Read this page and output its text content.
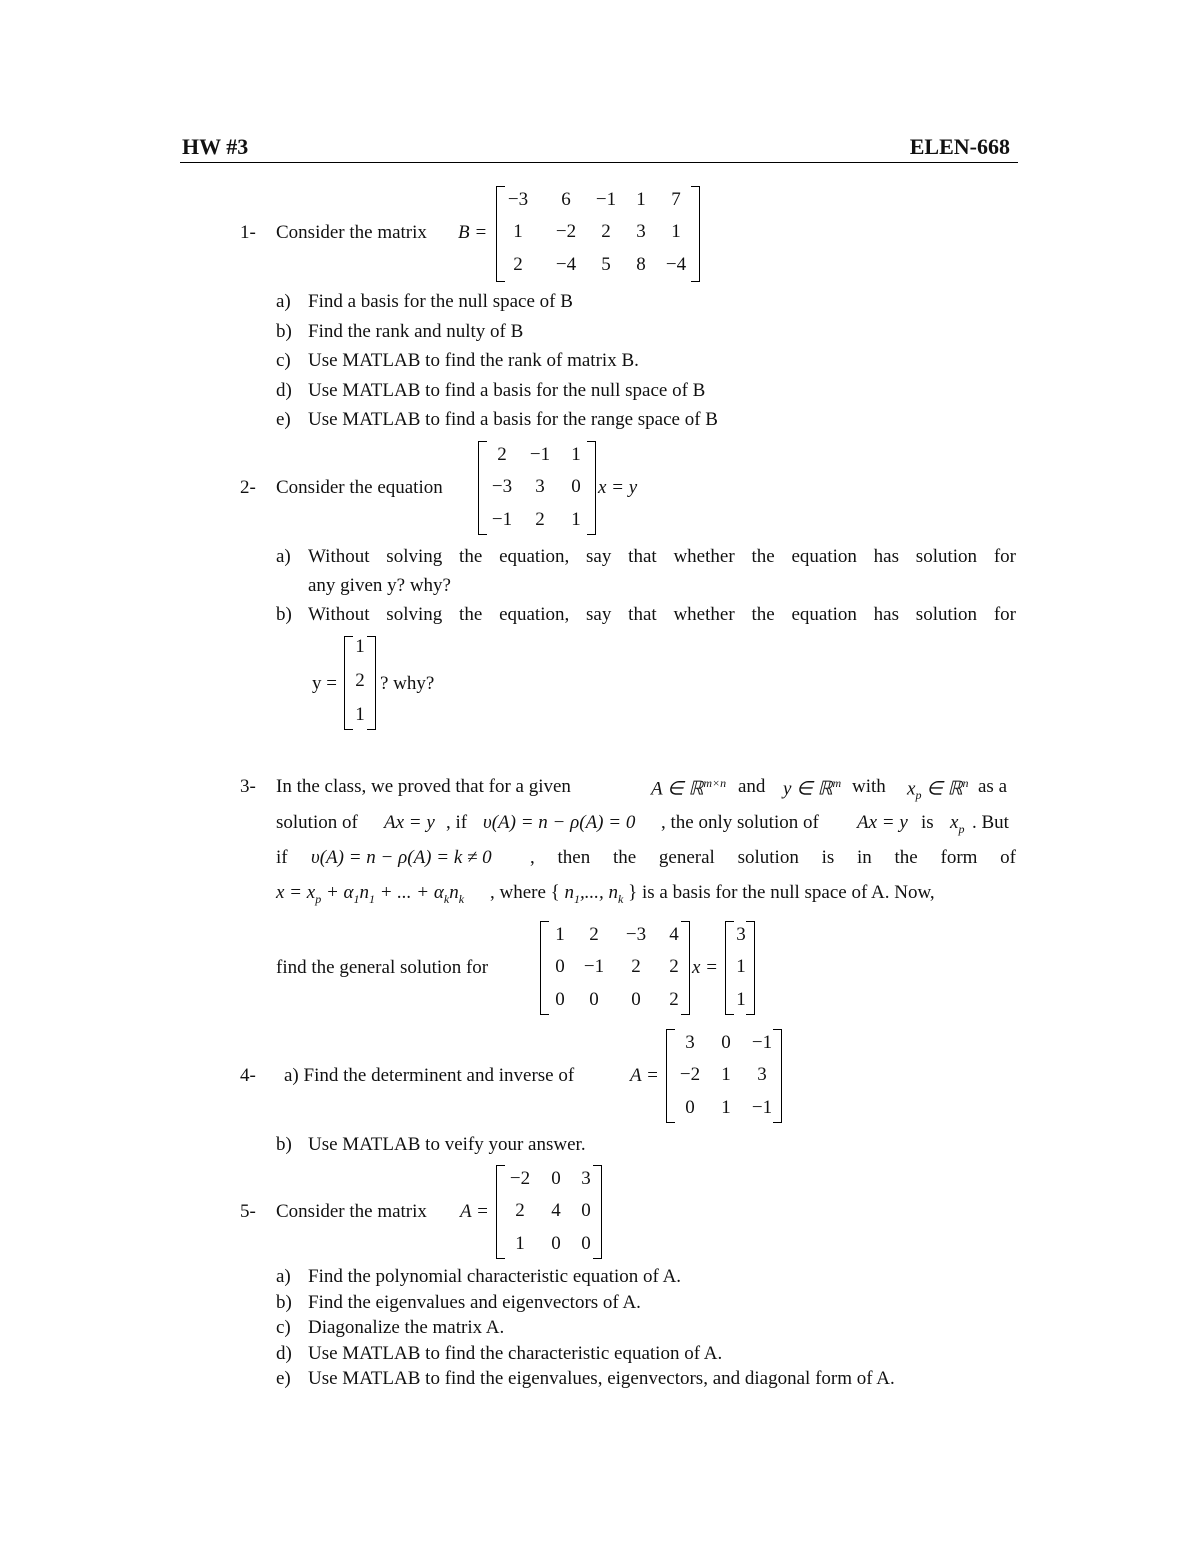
HW #3	ELEN-668
1- Consider the matrix B =
−3	6	−1	1	7
1	−2	2	3	1
2	−4	5	8	−4
a) Find a basis for the null space of B
b) Find the rank and nulty of B
c) Use MATLAB to find the rank of matrix B.
d) Use MATLAB to find a basis for the null space of B
e) Use MATLAB to find a basis for the range space of B
2- Consider the equation
2	−1	1
−3	3	0
−1	2	1
x = y
a) Without solving the equation, say that whether the equation has solution for
any given y? why?
b) Without solving the equation, say that whether the equation has solution for
y =
1
2
1
? why?
3- In the class, we proved that for a given	A ∈ ℝ$^{m\times n}$ and y ∈ ℝ$^m$ with $x_p$ ∈ ℝ$^n$ as a
solution of Ax = y , if υ(A) = n − ρ(A) = 0 , the only solution of Ax = y is $x_p$ . But
if υ(A) = n − ρ(A) = k ≠ 0 , then the general solution is in the form of
$x = x_p + \alpha_1n_1$ + ... + $\alpha_kn_k$ , where { $n_1$,..., $n_k$ } is a basis for the null space of A. Now,
find the general solution for
1	2	−3	4
0	−1	2	2
0	0	0	2
x =
3
1
1
4- a) Find the determinent and inverse of	A =
3	0	−1
−2	1	3
0	1	−1
b) Use MATLAB to veify your answer.
5- Consider the matrix A =
−2	0	3
2	4	0
1	0	0
a) Find the polynomial characteristic equation of A.
b) Find the eigenvalues and eigenvectors of A.
c) Diagonalize the matrix A.
d) Use MATLAB to find the characteristic equation of A.
e) Use MATLAB to find the eigenvalues, eigenvectors, and diagonal form of A.
